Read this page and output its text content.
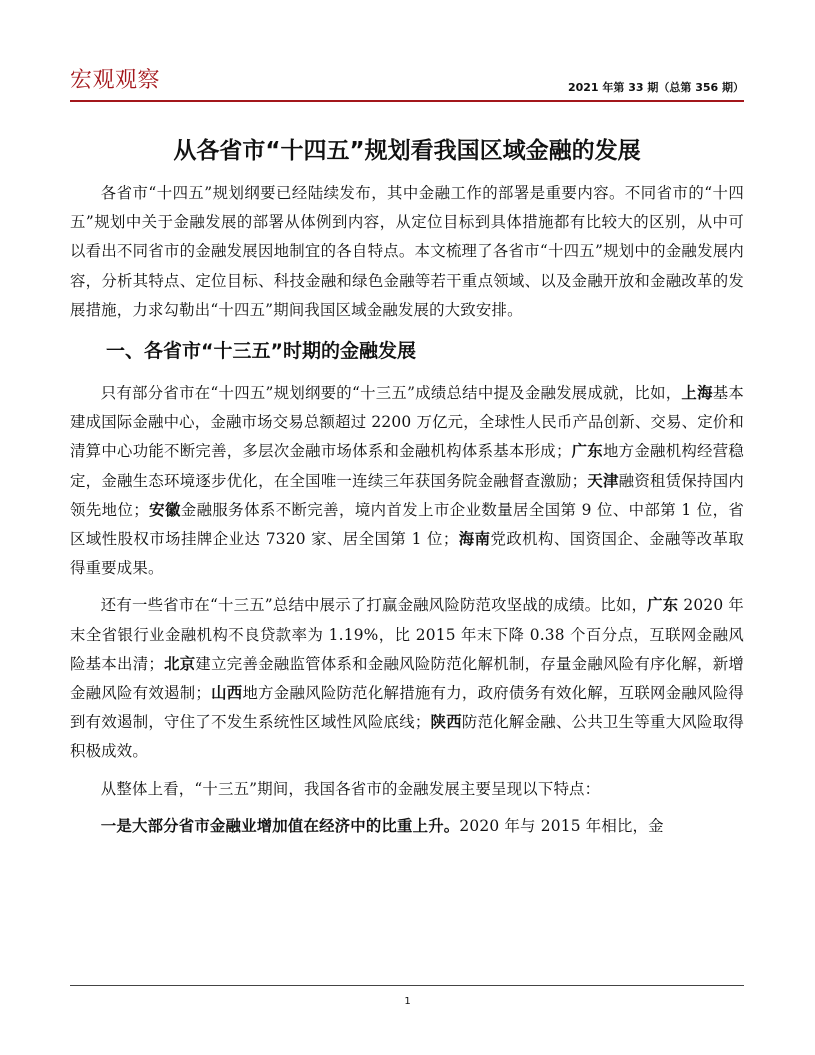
宏观观察	2021 年第 33 期（总第 356 期）
从各省市“十四五”规划看我国区域金融的发展

各省市“十四五”规划纲要已经陆续发布，其中金融工作的部署是重要内容。不同省市的“十四五”规划中关于金融发展的部署从体例到内容，从定位目标到具体措施都有比较大的区别，从中可以看出不同省市的金融发展因地制宜的各自特点。本文梳理了各省市“十四五”规划中的金融发展内容，分析其特点、定位目标、科技金融和绿色金融等若干重点领域、以及金融开放和金融改革的发展措施，力求勾勒出“十四五”期间我国区域金融发展的大致安排。

一、各省市“十三五”时期的金融发展

只有部分省市在“十四五”规划纲要的“十三五”成绩总结中提及金融发展成就，比如，上海基本建成国际金融中心，金融市场交易总额超过 2200 万亿元，全球性人民币产品创新、交易、定价和清算中心功能不断完善，多层次金融市场体系和金融机构体系基本形成；广东地方金融机构经营稳定，金融生态环境逐步优化，在全国唯一连续三年获国务院金融督查激励；天津融资租赁保持国内领先地位；安徽金融服务体系不断完善，境内首发上市企业数量居全国第 9 位、中部第 1 位，省区域性股权市场挂牌企业达 7320 家、居全国第 1 位；海南党政机构、国资国企、金融等改革取得重要成果。

还有一些省市在“十三五”总结中展示了打赢金融风险防范攻坚战的成绩。比如，广东 2020 年末全省银行业金融机构不良贷款率为 1.19%，比 2015 年末下降 0.38 个百分点，互联网金融风险基本出清；北京建立完善金融监管体系和金融风险防范化解机制，存量金融风险有序化解，新增金融风险有效遏制；山西地方金融风险防范化解措施有力，政府债务有效化解，互联网金融风险得到有效遏制，守住了不发生系统性区域性风险底线；陕西防范化解金融、公共卫生等重大风险取得积极成效。

从整体上看，“十三五”期间，我国各省市的金融发展主要呈现以下特点：

一是大部分省市金融业增加值在经济中的比重上升。2020 年与 2015 年相比，金

1
